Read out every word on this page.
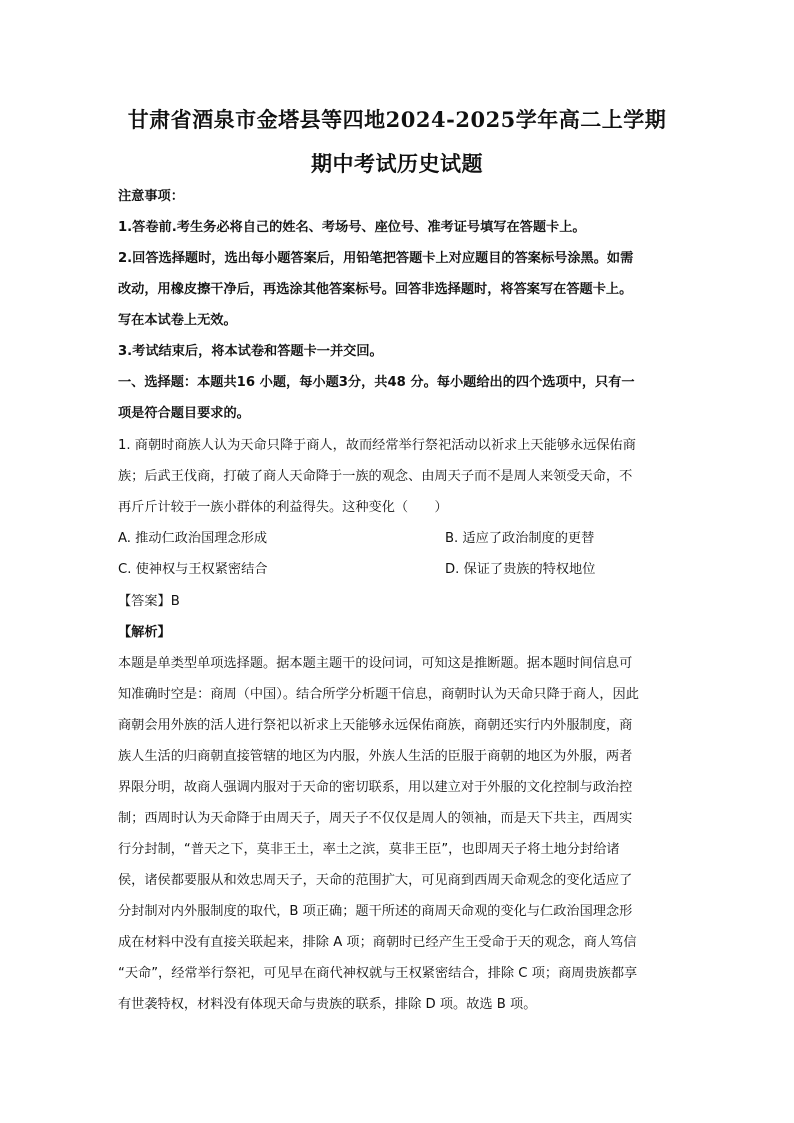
甘肃省酒泉市金塔县等四地2024-2025学年高二上学期
期中考试历史试题
注意事项：
1.答卷前.考生务必将自己的姓名、考场号、座位号、准考证号填写在答题卡上。
2.回答选择题时，选出每小题答案后，用铅笔把答题卡上对应题目的答案标号涂黑。如需
改动，用橡皮擦干净后，再选涂其他答案标号。回答非选择题时，将答案写在答题卡上。
写在本试卷上无效。
3.考试结束后，将本试卷和答题卡一并交回。
一、选择题：本题共16 小题，每小题3分，共48 分。每小题给出的四个选项中，只有一
项是符合题目要求的。
1. 商朝时商族人认为天命只降于商人，故而经常举行祭祀活动以祈求上天能够永远保佑商
族；后武王伐商，打破了商人天命降于一族的观念、由周天子而不是周人来领受天命，不
再斤斤计较于一族小群体的利益得失。这种变化（　　）
A. 推动仁政治国理念形成	B. 适应了政治制度的更替
C. 使神权与王权紧密结合	D. 保证了贵族的特权地位
【答案】B
【解析】
本题是单类型单项选择题。据本题主题干的设问词，可知这是推断题。据本题时间信息可
知准确时空是：商周（中国）。结合所学分析题干信息，商朝时认为天命只降于商人，因此
商朝会用外族的活人进行祭祀以祈求上天能够永远保佑商族，商朝还实行内外服制度，商
族人生活的归商朝直接管辖的地区为内服，外族人生活的臣服于商朝的地区为外服，两者
界限分明，故商人强调内服对于天命的密切联系，用以建立对于外服的文化控制与政治控
制；西周时认为天命降于由周天子，周天子不仅仅是周人的领袖，而是天下共主，西周实
行分封制，“普天之下，莫非王土，率土之滨，莫非王臣”，也即周天子将土地分封给诸
侯，诸侯都要服从和效忠周天子，天命的范围扩大，可见商到西周天命观念的变化适应了
分封制对内外服制度的取代，B 项正确；题干所述的商周天命观的变化与仁政治国理念形
成在材料中没有直接关联起来，排除 A 项；商朝时已经产生王受命于天的观念，商人笃信
“天命”，经常举行祭祀，可见早在商代神权就与王权紧密结合，排除 C 项；商周贵族都享
有世袭特权，材料没有体现天命与贵族的联系，排除 D 项。故选 B 项。
